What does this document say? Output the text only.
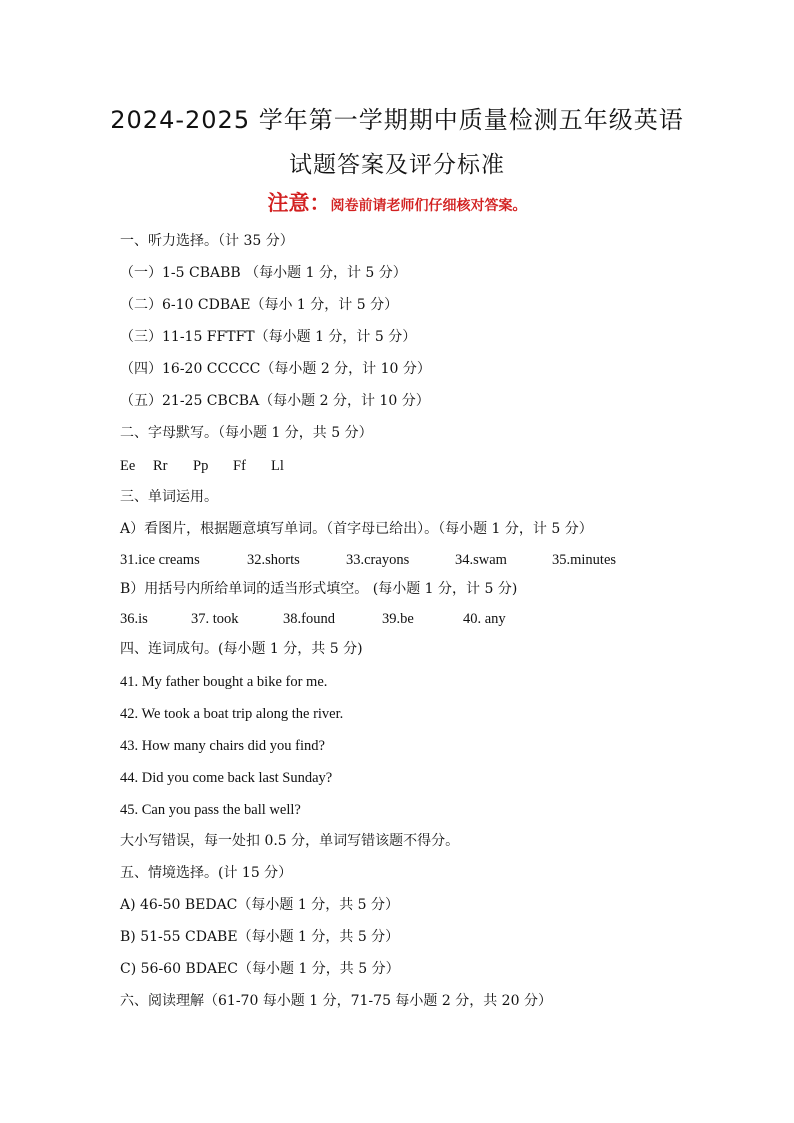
2024-2025 学年第一学期期中质量检测五年级英语
试题答案及评分标准
注意：阅卷前请老师们仔细核对答案。
一、听力选择。（计 35 分）
（一）1-5 CBABB （每小题 1 分，计 5 分）
（二）6-10 CDBAE（每小 1 分，计 5 分）
（三）11-15 FFTFT（每小题 1 分，计 5 分）
（四）16-20 CCCCC（每小题 2 分，计 10 分）
（五）21-25 CBCBA（每小题 2 分，计 10 分）
二、字母默写。（每小题 1 分，共 5 分）
Ee Rr Pp Ff Ll
三、单词运用。
A）看图片，根据题意填写单词。（首字母已给出）。（每小题 1 分，计 5 分）
31.ice creams	32.shorts	33.crayons	34.swam	35.minutes
B）用括号内所给单词的适当形式填空。 (每小题 1 分，计 5 分)
36.is	37. took	38.found	39.be	40. any
四、连词成句。(每小题 1 分，共 5 分)
41. My father bought a bike for me.
42. We took a boat trip along the river.
43. How many chairs did you find?
44. Did you come back last Sunday?
45. Can you pass the ball well?
大小写错误，每一处扣 0.5 分，单词写错该题不得分。
五、情境选择。(计 15 分）
A) 46-50 BEDAC（每小题 1 分，共 5 分）
B) 51-55 CDABE（每小题 1 分，共 5 分）
C) 56-60 BDAEC（每小题 1 分，共 5 分）
六、阅读理解（61-70 每小题 1 分，71-75 每小题 2 分，共 20 分）
